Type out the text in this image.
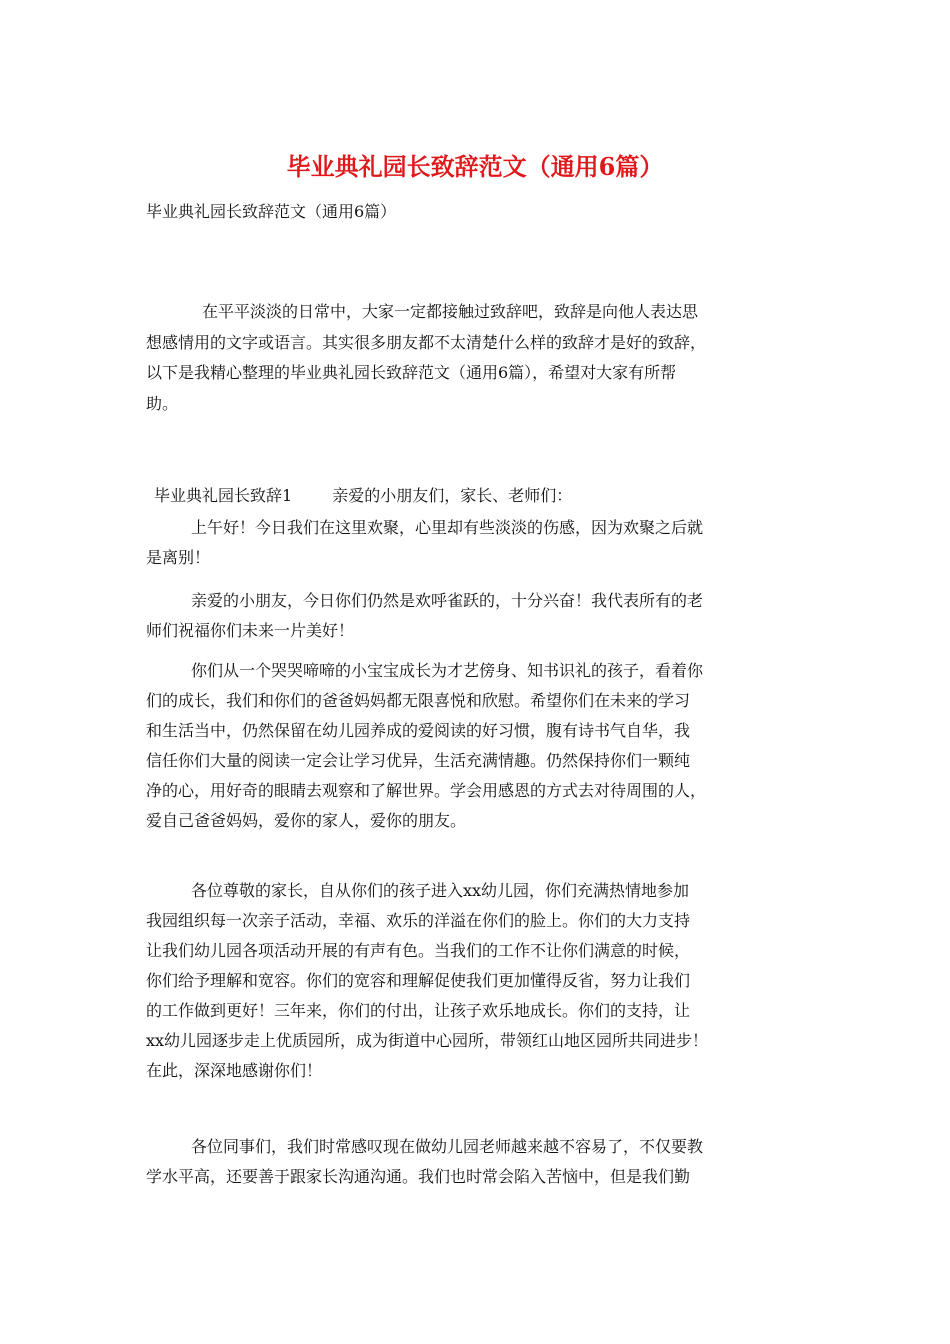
毕业典礼园长致辞范文（通用6篇）

毕业典礼园长致辞范文（通用6篇）

在平平淡淡的日常中，大家一定都接触过致辞吧，致辞是向他人表达思
想感情用的文字或语言。其实很多朋友都不太清楚什么样的致辞才是好的致辞，
以下是我精心整理的毕业典礼园长致辞范文（通用6篇），希望对大家有所帮
助。

毕业典礼园长致辞1	亲爱的小朋友们，家长、老师们：

上午好！今日我们在这里欢聚，心里却有些淡淡的伤感，因为欢聚之后就
是离别！
亲爱的小朋友，今日你们仍然是欢呼雀跃的，十分兴奋！我代表所有的老
师们祝福你们未来一片美好！
你们从一个哭哭啼啼的小宝宝成长为才艺傍身、知书识礼的孩子，看着你
们的成长，我们和你们的爸爸妈妈都无限喜悦和欣慰。希望你们在未来的学习
和生活当中，仍然保留在幼儿园养成的爱阅读的好习惯，腹有诗书气自华，我
信任你们大量的阅读一定会让学习优异，生活充满情趣。仍然保持你们一颗纯
净的心，用好奇的眼睛去观察和了解世界。学会用感恩的方式去对待周围的人，
爱自己爸爸妈妈，爱你的家人，爱你的朋友。
各位尊敬的家长，自从你们的孩子进入xx幼儿园，你们充满热情地参加
我园组织每一次亲子活动，幸福、欢乐的洋溢在你们的脸上。你们的大力支持
让我们幼儿园各项活动开展的有声有色。当我们的工作不让你们满意的时候，
你们给予理解和宽容。你们的宽容和理解促使我们更加懂得反省，努力让我们
的工作做到更好！三年来，你们的付出，让孩子欢乐地成长。你们的支持，让
xx幼儿园逐步走上优质园所，成为街道中心园所，带领红山地区园所共同进步！
在此，深深地感谢你们！
各位同事们，我们时常感叹现在做幼儿园老师越来越不容易了，不仅要教
学水平高，还要善于跟家长沟通沟通。我们也时常会陷入苦恼中，但是我们勤
